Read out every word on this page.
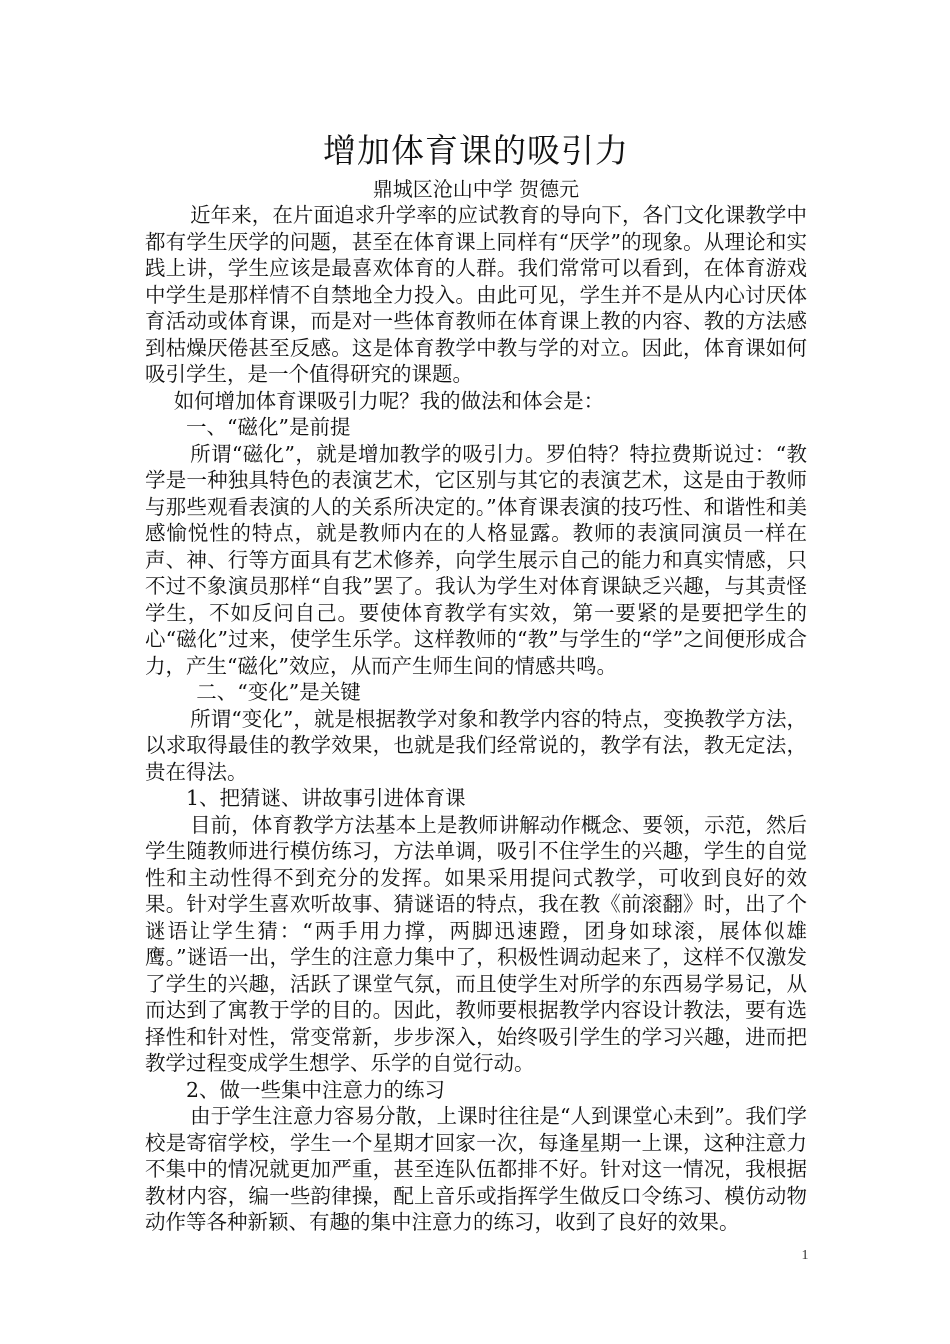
增加体育课的吸引力

鼎城区沧山中学 贺德元

近年来，在片面追求升学率的应试教育的导向下，各门文化课教学中都有学生厌学的问题，甚至在体育课上同样有“厌学”的现象。从理论和实践上讲，学生应该是最喜欢体育的人群。我们常常可以看到，在体育游戏中学生是那样情不自禁地全力投入。由此可见，学生并不是从内心讨厌体育活动或体育课，而是对一些体育教师在体育课上教的内容、教的方法感到枯燥厌倦甚至反感。这是体育教学中教与学的对立。因此，体育课如何吸引学生，是一个值得研究的课题。

如何增加体育课吸引力呢？我的做法和体会是：

一、“磁化”是前提

所谓“磁化”，就是增加教学的吸引力。罗伯特？特拉费斯说过：“教学是一种独具特色的表演艺术，它区别与其它的表演艺术，这是由于教师与那些观看表演的人的关系所决定的。”体育课表演的技巧性、和谐性和美感愉悦性的特点，就是教师内在的人格显露。教师的表演同演员一样在声、神、行等方面具有艺术修养，向学生展示自己的能力和真实情感，只不过不象演员那样“自我”罢了。我认为学生对体育课缺乏兴趣，与其责怪学生，不如反问自己。要使体育教学有实效，第一要紧的是要把学生的心“磁化”过来，使学生乐学。这样教师的“教”与学生的“学”之间便形成合力，产生“磁化”效应，从而产生师生间的情感共鸣。

二、“变化”是关键

所谓“变化”，就是根据教学对象和教学内容的特点，变换教学方法，以求取得最佳的教学效果，也就是我们经常说的，教学有法，教无定法，贵在得法。

1、把猜谜、讲故事引进体育课

目前，体育教学方法基本上是教师讲解动作概念、要领，示范，然后学生随教师进行模仿练习，方法单调，吸引不住学生的兴趣，学生的自觉性和主动性得不到充分的发挥。如果采用提问式教学，可收到良好的效果。针对学生喜欢听故事、猜谜语的特点，我在教《前滚翻》时，出了个谜语让学生猜：“两手用力撑，两脚迅速蹬，团身如球滚，展体似雄鹰。”谜语一出，学生的注意力集中了，积极性调动起来了，这样不仅激发了学生的兴趣，活跃了课堂气氛，而且使学生对所学的东西易学易记，从而达到了寓教于学的目的。因此，教师要根据教学内容设计教法，要有选择性和针对性，常变常新，步步深入，始终吸引学生的学习兴趣，进而把教学过程变成学生想学、乐学的自觉行动。

2、做一些集中注意力的练习

由于学生注意力容易分散，上课时往往是“人到课堂心未到”。我们学校是寄宿学校，学生一个星期才回家一次，每逢星期一上课，这种注意力不集中的情况就更加严重，甚至连队伍都排不好。针对这一情况，我根据教材内容，编一些韵律操，配上音乐或指挥学生做反口令练习、模仿动物动作等各种新颖、有趣的集中注意力的练习，收到了良好的效果。

1
